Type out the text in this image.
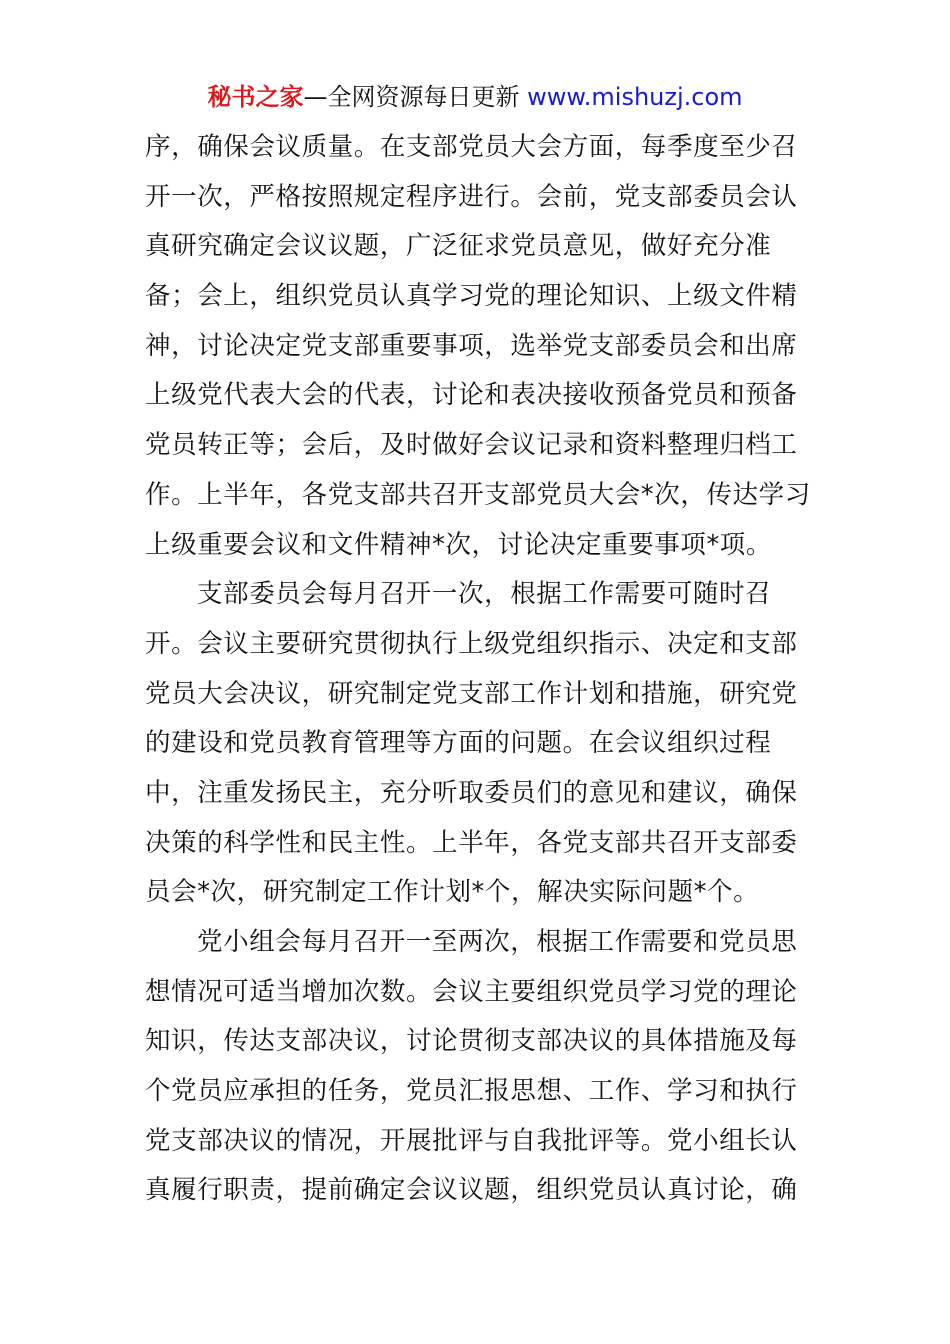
秘书之家—全网资源每日更新 www.mishuzj.com
序，确保会议质量。在支部党员大会方面，每季度至少召
开一次，严格按照规定程序进行。会前，党支部委员会认
真研究确定会议议题，广泛征求党员意见，做好充分准
备；会上，组织党员认真学习党的理论知识、上级文件精
神，讨论决定党支部重要事项，选举党支部委员会和出席
上级党代表大会的代表，讨论和表决接收预备党员和预备
党员转正等；会后，及时做好会议记录和资料整理归档工
作。上半年，各党支部共召开支部党员大会*次，传达学习
上级重要会议和文件精神*次，讨论决定重要事项*项。
支部委员会每月召开一次，根据工作需要可随时召
开。会议主要研究贯彻执行上级党组织指示、决定和支部
党员大会决议，研究制定党支部工作计划和措施，研究党
的建设和党员教育管理等方面的问题。在会议组织过程
中，注重发扬民主，充分听取委员们的意见和建议，确保
决策的科学性和民主性。上半年，各党支部共召开支部委
员会*次，研究制定工作计划*个，解决实际问题*个。
党小组会每月召开一至两次，根据工作需要和党员思
想情况可适当增加次数。会议主要组织党员学习党的理论
知识，传达支部决议，讨论贯彻支部决议的具体措施及每
个党员应承担的任务，党员汇报思想、工作、学习和执行
党支部决议的情况，开展批评与自我批评等。党小组长认
真履行职责，提前确定会议议题，组织党员认真讨论，确
